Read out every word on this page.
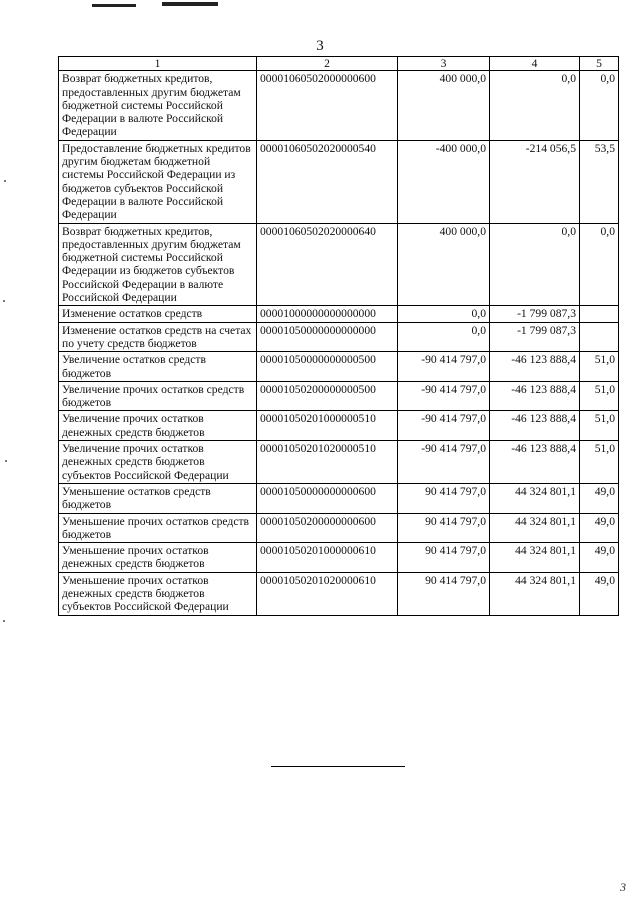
3
1	2	3	4	5
Возврат бюджетных кредитов, предоставленных другим бюджетам бюджетной системы Российской Федерации в валюте Российской Федерации	00001060502000000600	400 000,0	0,0	0,0
Предоставление бюджетных кредитов другим бюджетам бюджетной системы Российской Федерации из бюджетов субъектов Российской Федерации в валюте Российской Федерации	00001060502020000540	-400 000,0	-214 056,5	53,5
Возврат бюджетных кредитов, предоставленных другим бюджетам бюджетной системы Российской Федерации из бюджетов субъектов Российской Федерации в валюте Российской Федерации	00001060502020000640	400 000,0	0,0	0,0
Изменение остатков средств	00001000000000000000	0,0	-1 799 087,3	
Изменение остатков средств на счетах по учету средств бюджетов	00001050000000000000	0,0	-1 799 087,3	
Увеличение остатков средств бюджетов	00001050000000000500	-90 414 797,0	-46 123 888,4	51,0
Увеличение прочих остатков средств бюджетов	00001050200000000500	-90 414 797,0	-46 123 888,4	51,0
Увеличение прочих остатков денежных средств бюджетов	00001050201000000510	-90 414 797,0	-46 123 888,4	51,0
Увеличение прочих остатков денежных средств бюджетов субъектов Российской Федерации	00001050201020000510	-90 414 797,0	-46 123 888,4	51,0
Уменьшение остатков средств бюджетов	00001050000000000600	90 414 797,0	44 324 801,1	49,0
Уменьшение прочих остатков средств бюджетов	00001050200000000600	90 414 797,0	44 324 801,1	49,0
Уменьшение прочих остатков денежных средств бюджетов	00001050201000000610	90 414 797,0	44 324 801,1	49,0
Уменьшение прочих остатков денежных средств бюджетов субъектов Российской Федерации	00001050201020000610	90 414 797,0	44 324 801,1	49,0
3
